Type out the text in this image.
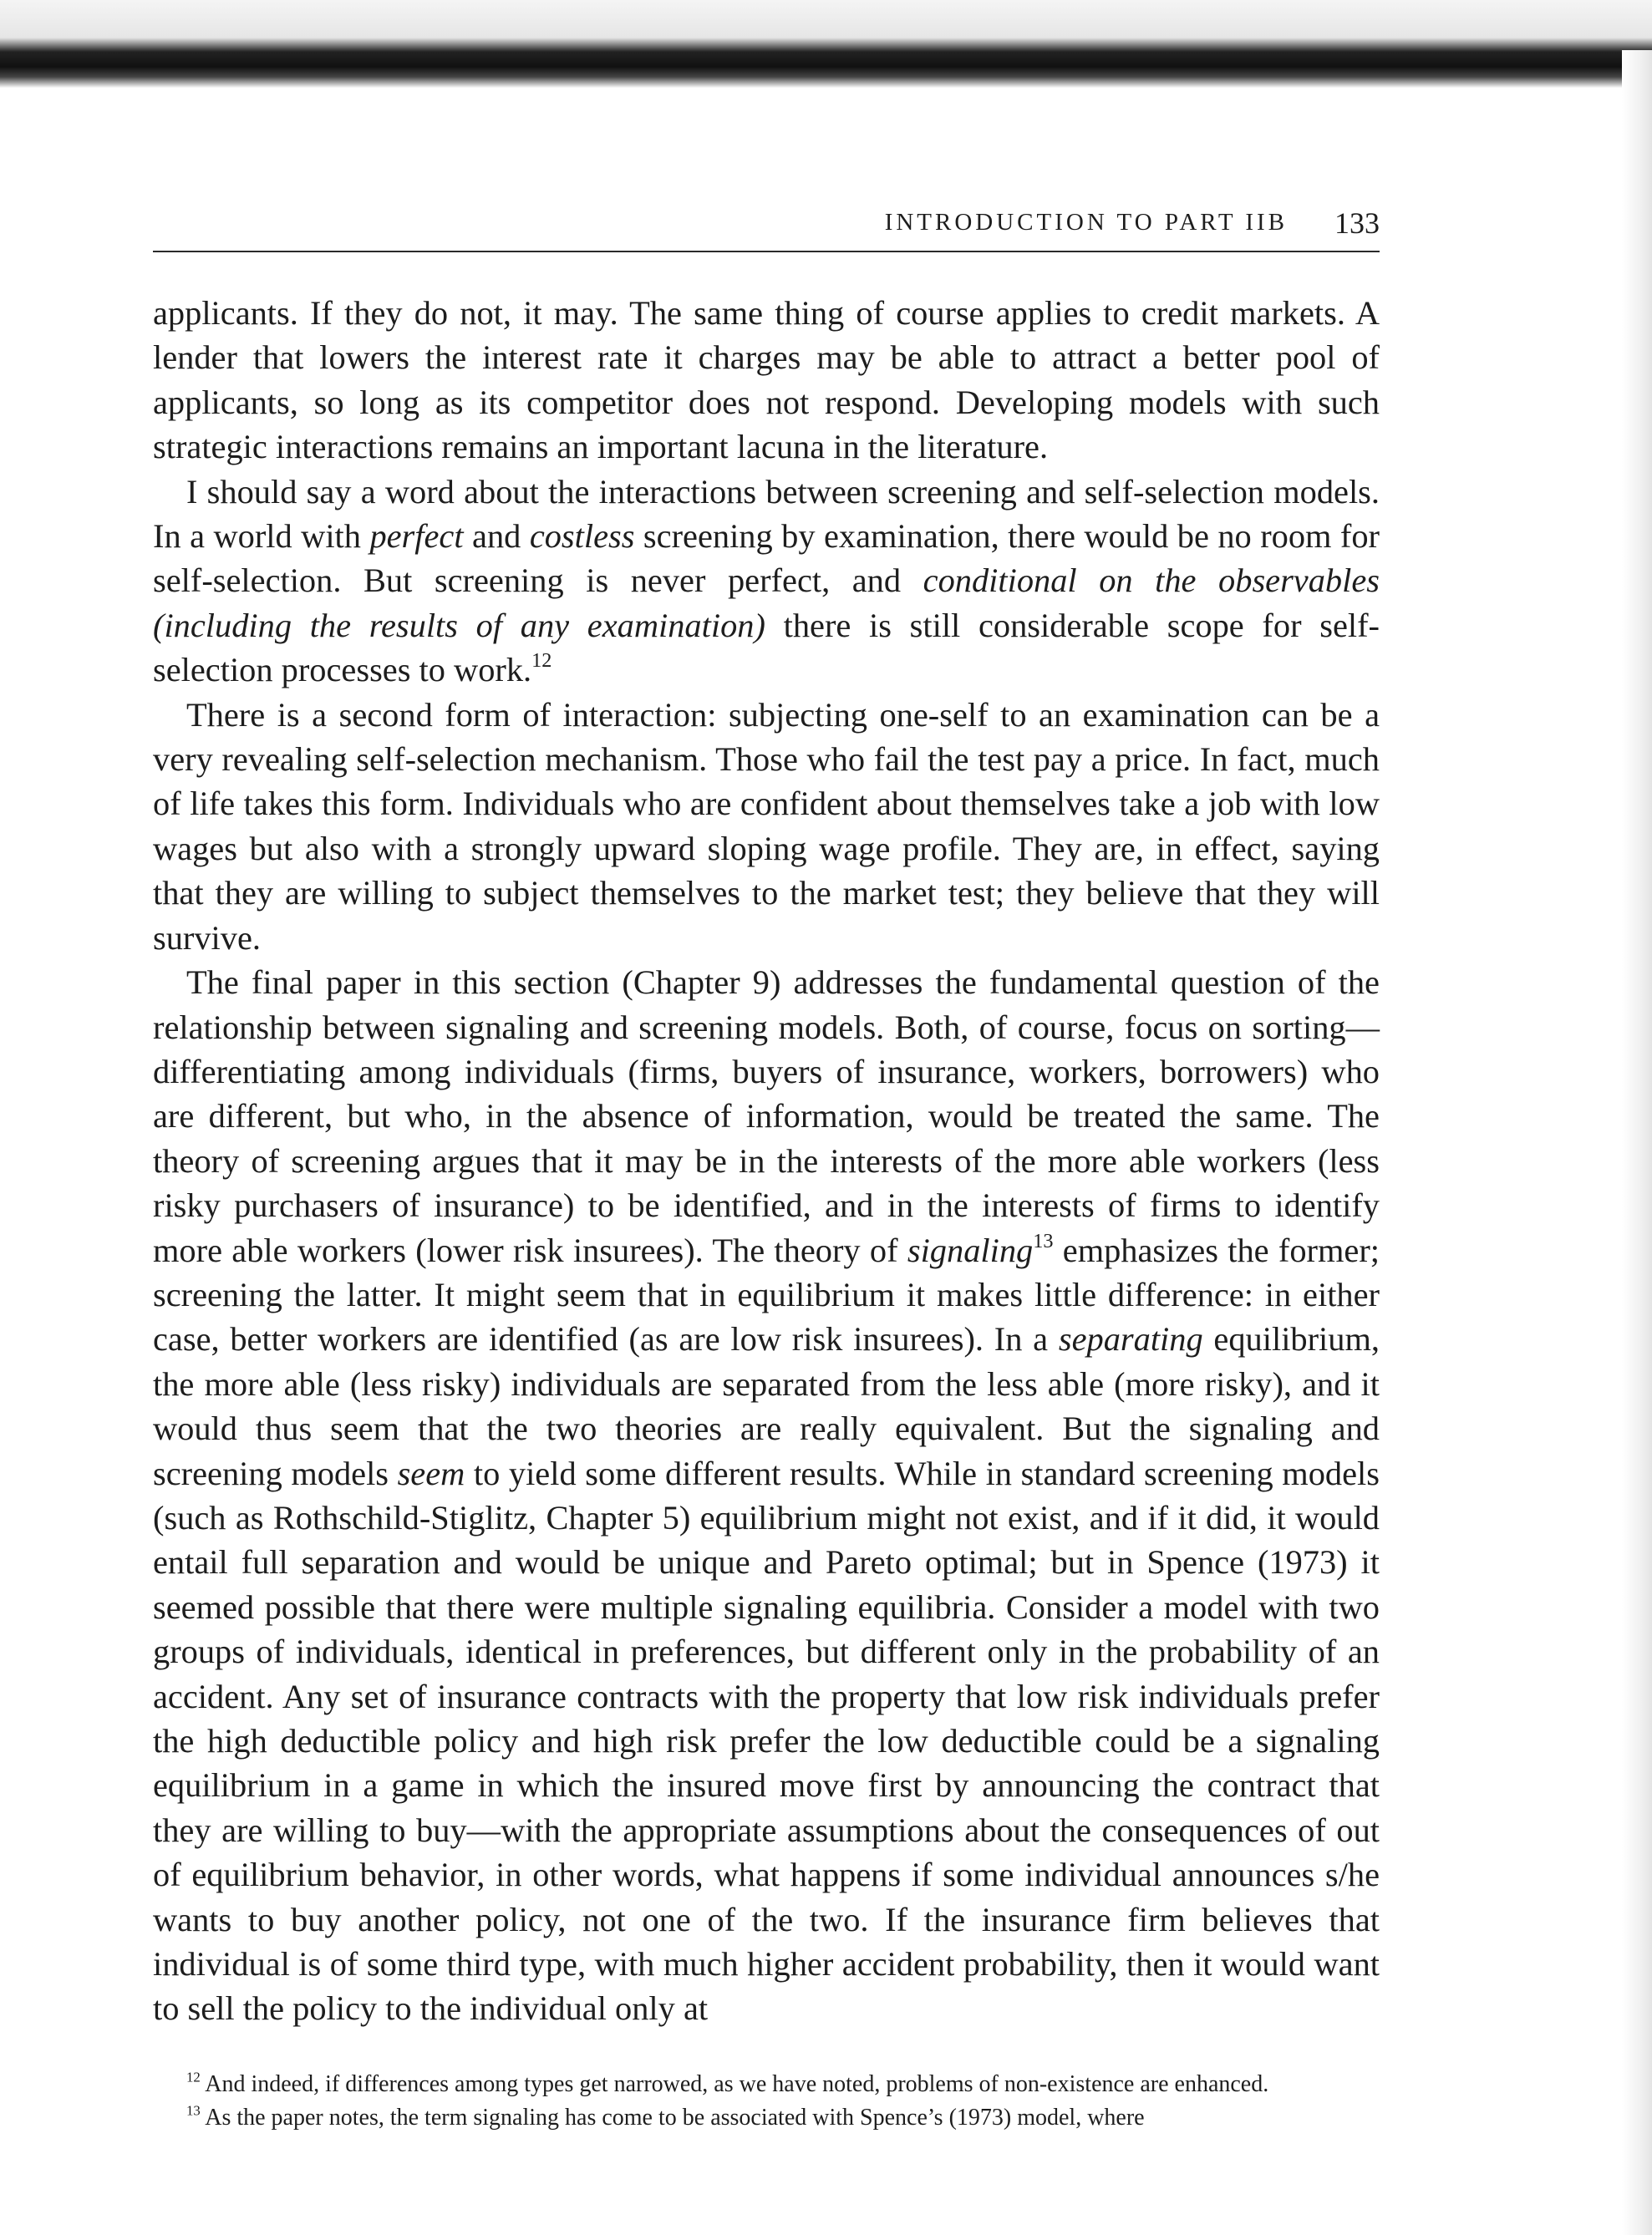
INTRODUCTION TO PART IIB 133

applicants. If they do not, it may. The same thing of course applies to credit markets. A lender that lowers the interest rate it charges may be able to attract a better pool of applicants, so long as its competitor does not respond. Developing models with such strategic interactions remains an important lacuna in the literature.

I should say a word about the interactions between screening and self-selection models. In a world with perfect and costless screening by examination, there would be no room for self-selection. But screening is never perfect, and conditional on the observables (including the results of any examination) there is still considerable scope for self-selection processes to work.$^{12}$

There is a second form of interaction: subjecting one-self to an examination can be a very revealing self-selection mechanism. Those who fail the test pay a price. In fact, much of life takes this form. Individuals who are confident about themselves take a job with low wages but also with a strongly upward sloping wage profile. They are, in effect, saying that they are willing to subject themselves to the market test; they believe that they will survive.

The final paper in this section (Chapter 9) addresses the fundamental question of the relationship between signaling and screening models. Both, of course, focus on sorting—differentiating among individuals (firms, buyers of insurance, workers, borrowers) who are different, but who, in the absence of information, would be treated the same. The theory of screening argues that it may be in the interests of the more able workers (less risky purchasers of insurance) to be identified, and in the interests of firms to identify more able workers (lower risk insurees). The theory of signaling$^{13}$ emphasizes the former; screening the latter. It might seem that in equilibrium it makes little difference: in either case, better workers are identified (as are low risk insurees). In a separating equilibrium, the more able (less risky) individuals are separated from the less able (more risky), and it would thus seem that the two theories are really equivalent. But the signaling and screening models seem to yield some different results. While in standard screening models (such as Rothschild-Stiglitz, Chapter 5) equilibrium might not exist, and if it did, it would entail full separation and would be unique and Pareto optimal; but in Spence (1973) it seemed possible that there were multiple signaling equilibria. Consider a model with two groups of individuals, identical in preferences, but different only in the probability of an accident. Any set of insurance contracts with the property that low risk individuals prefer the high deductible policy and high risk prefer the low deductible could be a signaling equilibrium in a game in which the insured move first by announcing the contract that they are willing to buy—with the appropriate assumptions about the consequences of out of equilibrium behavior, in other words, what happens if some individual announces s/he wants to buy another policy, not one of the two. If the insurance firm believes that individual is of some third type, with much higher accident probability, then it would want to sell the policy to the individual only at

$^{12}$ And indeed, if differences among types get narrowed, as we have noted, problems of non-existence are enhanced.

$^{13}$ As the paper notes, the term signaling has come to be associated with Spence’s (1973) model, where
